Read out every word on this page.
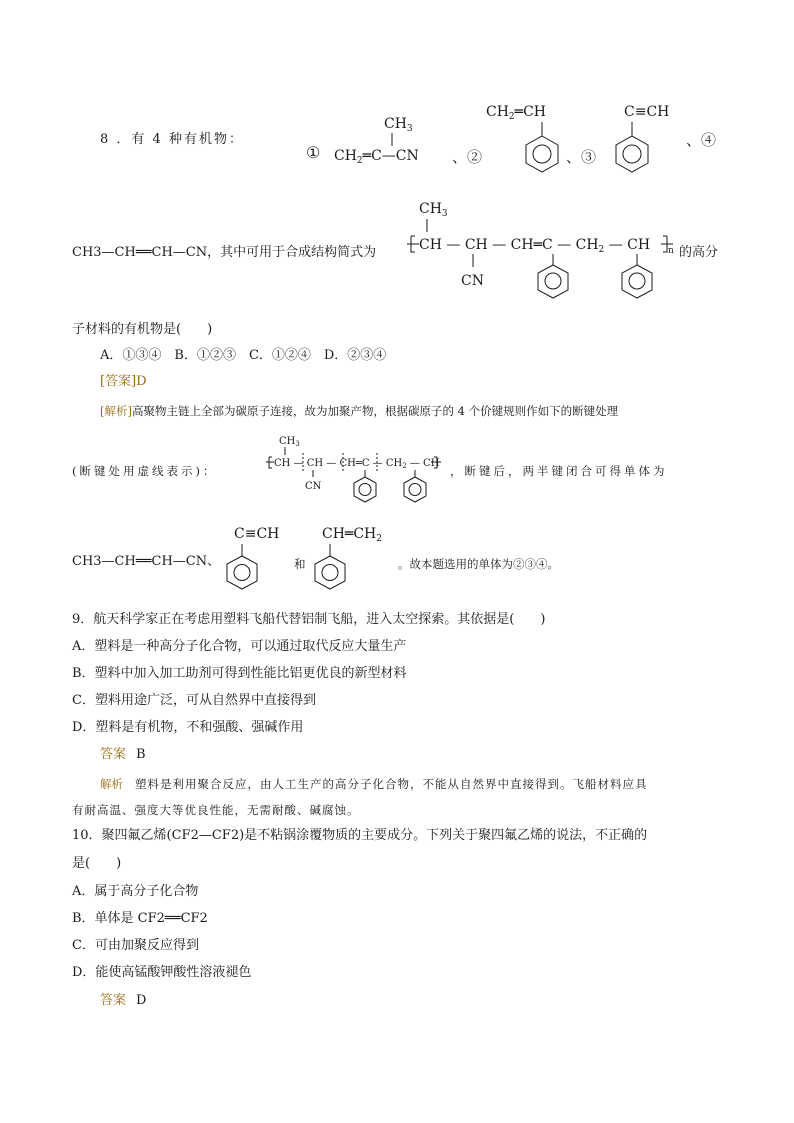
8 ．有 4 种有机物：
①
$CH_3$
$CH_2═C—CN$ 、②
$CH_2═CH$
、③
C≡CH
、④
CH3—CH══CH—CN，其中可用于合成结构简式为
$CH_3$
CH — CH — CH═C — $CH_2$ — CH n
CN
的高分
子材料的有机物是(　　)
A．①③④　B．①②③　C．①②④　D．②③④
[答案]D
[解析]高聚物主链上全部为碳原子连接，故为加聚产物，根据碳原子的 4 个价键规则作如下的断键处理
(断键处用虚线表示)：
$CH_3$
CH — CH — CH═C — $CH_2$ — CH
CN
，断键后，两半键闭合可得单体为
CH3—CH══CH—CN、
C≡CH
和
$CH═CH_2$
。故本题选用的单体为②③④。
9．航天科学家正在考虑用塑料飞船代替铝制飞船，进入太空探索。其依据是(　　)
A．塑料是一种高分子化合物，可以通过取代反应大量生产
B．塑料中加入加工助剂可得到性能比铝更优良的新型材料
C．塑料用途广泛，可从自然界中直接得到
D．塑料是有机物，不和强酸、强碱作用
答案 B
解析 塑料是利用聚合反应，由人工生产的高分子化合物，不能从自然界中直接得到。飞船材料应具
有耐高温、强度大等优良性能，无需耐酸、碱腐蚀。
10．聚四氟乙烯(CF2—CF2)是不粘锅涂覆物质的主要成分。下列关于聚四氟乙烯的说法，不正确的
是(　　)
A．属于高分子化合物
B．单体是 CF2══CF2
C．可由加聚反应得到
D．能使高锰酸钾酸性溶液褪色
答案 D
